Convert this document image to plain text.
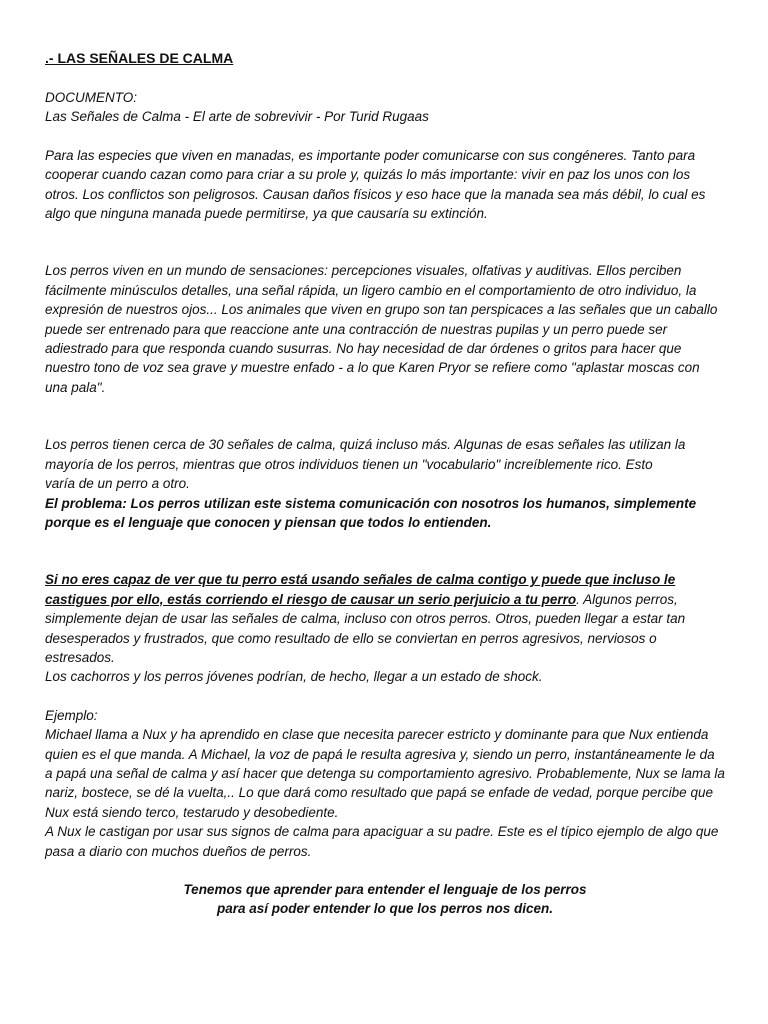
.- LAS SEÑALES DE CALMA

DOCUMENTO:

Las Señales de Calma - El arte de sobrevivir - Por Turid Rugaas

Para las especies que viven en manadas, es importante poder comunicarse con sus congéneres. Tanto para cooperar cuando cazan como para criar a su prole y, quizás lo más importante: vivir en paz los unos con los otros. Los conflictos son peligrosos. Causan daños físicos y eso hace que la manada sea más débil, lo cual es algo que ninguna manada puede permitirse, ya que causaría su extinción.

Los perros viven en un mundo de sensaciones: percepciones visuales, olfativas y auditivas. Ellos perciben fácilmente minúsculos detalles, una señal rápida, un ligero cambio en el comportamiento de otro individuo, la expresión de nuestros ojos... Los animales que viven en grupo son tan perspicaces a las señales que un caballo puede ser entrenado para que reaccione ante una contracción de nuestras pupilas y un perro puede ser adiestrado para que responda cuando susurras. No hay necesidad de dar órdenes o gritos para hacer que nuestro tono de voz sea grave y muestre enfado - a lo que Karen Pryor se refiere como "aplastar moscas con una pala".

Los perros tienen cerca de 30 señales de calma, quizá incluso más. Algunas de esas señales las utilizan la mayoría de los perros, mientras que otros individuos tienen un "vocabulario" increíblemente rico. Esto
varía de un perro a otro.
El problema: Los perros utilizan este sistema comunicación con nosotros los humanos, simplemente porque es el lenguaje que conocen y piensan que todos lo entienden.

Si no eres capaz de ver que tu perro está usando señales de calma contigo y puede que incluso le castigues por ello, estás corriendo el riesgo de causar un serio perjuicio a tu perro. Algunos perros, simplemente dejan de usar las señales de calma, incluso con otros perros. Otros, pueden llegar a estar tan desesperados y frustrados, que como resultado de ello se conviertan en perros agresivos, nerviosos o estresados.
Los cachorros y los perros jóvenes podrían, de hecho, llegar a un estado de shock.

Ejemplo:

Michael llama a Nux y ha aprendido en clase que necesita parecer estricto y dominante para que Nux entienda quien es el que manda. A Michael, la voz de papá le resulta agresiva y, siendo un perro, instantáneamente le da a papá una señal de calma y así hacer que detenga su comportamiento agresivo. Probablemente, Nux se lama la nariz, bostece, se dé la vuelta,.. Lo que dará como resultado que papá se enfade de vedad, porque percibe que Nux está siendo terco, testarudo y desobediente.

A Nux le castigan por usar sus signos de calma para apaciguar a su padre. Este es el típico ejemplo de algo que pasa a diario con muchos dueños de perros.

Tenemos que aprender para entender el lenguaje de los perros

para así poder entender lo que los perros nos dicen.
